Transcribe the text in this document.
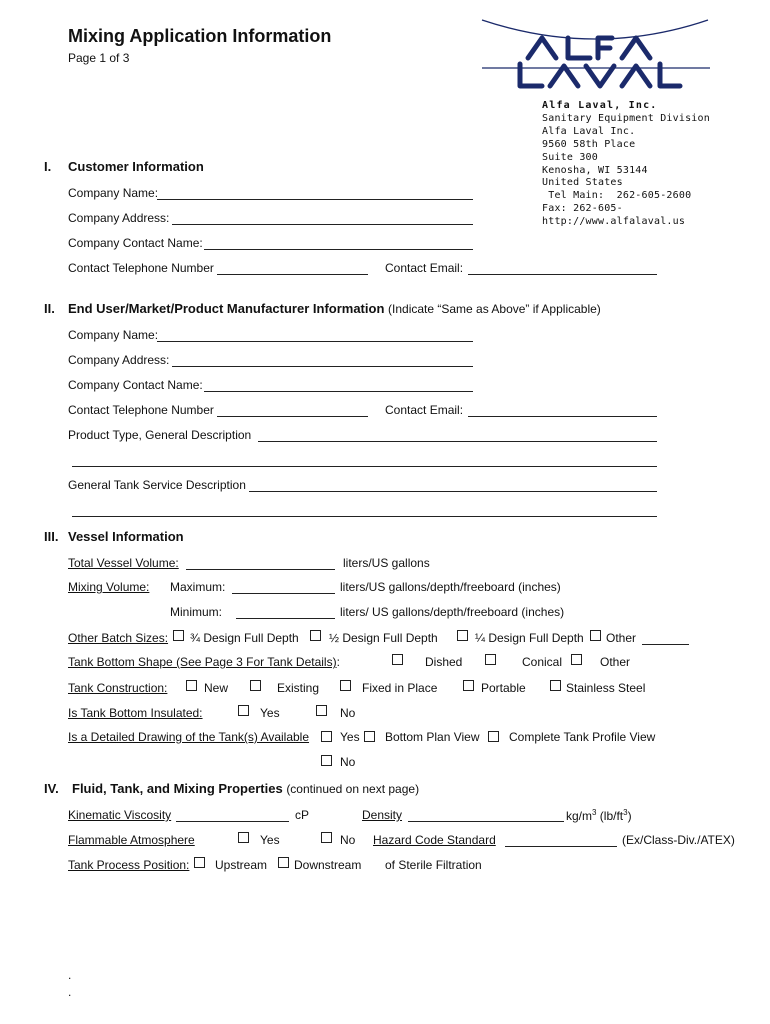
Mixing Application Information
Page 1 of 3
Alfa Laval, Inc.
Sanitary Equipment Division
Alfa Laval Inc.
9560 58th Place
Suite 300
Kenosha, WI 53144
United States
Tel Main:  262-605-2600
Fax: 262-605-
http://www.alfalaval.us
I. Customer Information
Company Name:
Company Address:
Company Contact Name:
Contact Telephone Number	Contact Email:
II. End User/Market/Product Manufacturer Information (Indicate “Same as Above” if Applicable)
Company Name:
Company Address:
Company Contact Name:
Contact Telephone Number	Contact Email:
Product Type, General Description
General Tank Service Description
III. Vessel Information
Total Vessel Volume:	liters/US gallons
Mixing Volume: Maximum:	liters/US gallons/depth/freeboard (inches)
Minimum:	liters/ US gallons/depth/freeboard (inches)
Other Batch Sizes: ¾ Design Full Depth	½ Design Full Depth	¼ Design Full Depth Other
Tank Bottom Shape (See Page 3 For Tank Details):	Dished	Conical	Other
Tank Construction:	New	Existing	Fixed in Place	Portable	Stainless Steel
Is Tank Bottom Insulated:	Yes	No
Is a Detailed Drawing of the Tank(s) Available	Yes Bottom Plan View Complete Tank Profile View
No
IV. Fluid, Tank, and Mixing Properties (continued on next page)
Kinematic Viscosity	cP	Density	$kg/m^3$ $(lb/ft^3)$
Flammable Atmosphere	Yes	No Hazard Code Standard	(Ex/Class-Div./ATEX)
Tank Process Position: Upstream Downstream of Sterile Filtration
.
.
